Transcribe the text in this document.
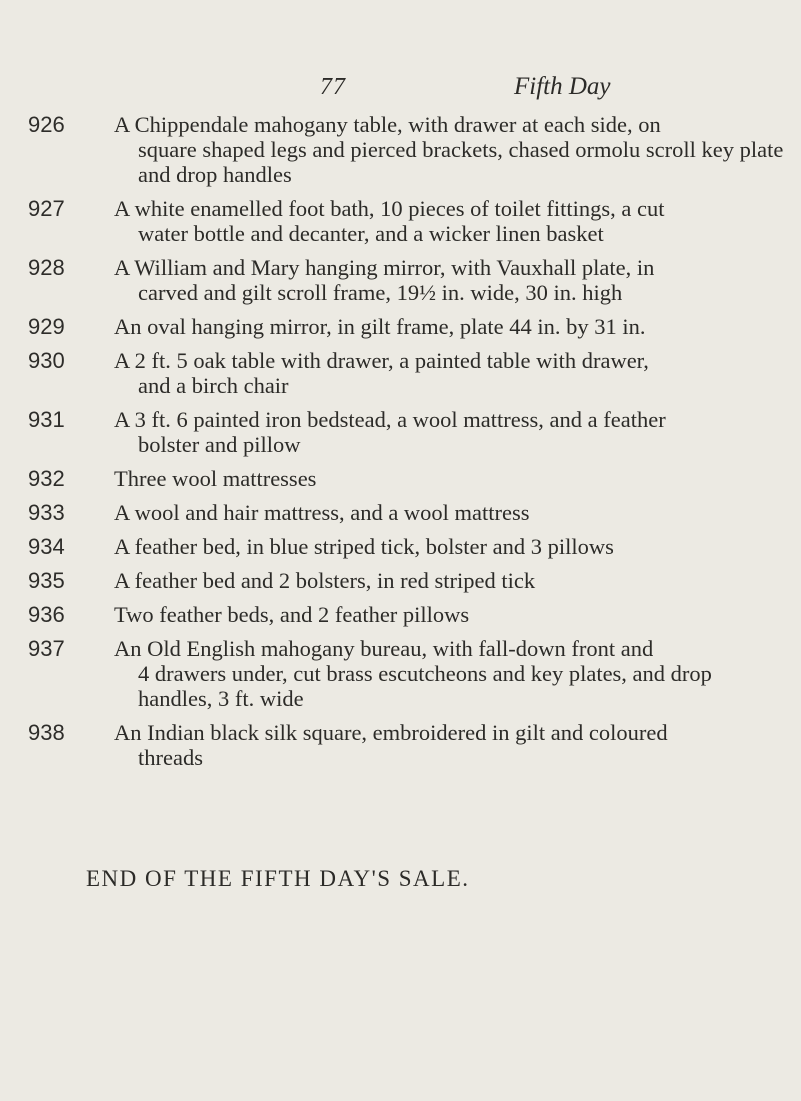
77	Fifth Day
926	A Chippendale mahogany table, with drawer at each side, on
square shaped legs and pierced brackets, chased ormolu scroll key plate and drop handles
927	A white enamelled foot bath, 10 pieces of toilet fittings, a cut
water bottle and decanter, and a wicker linen basket
928	A William and Mary hanging mirror, with Vauxhall plate, in
carved and gilt scroll frame, 19½ in. wide, 30 in. high
929	An oval hanging mirror, in gilt frame, plate 44 in. by 31 in.
930	A 2 ft. 5 oak table with drawer, a painted table with drawer,
and a birch chair
931	A 3 ft. 6 painted iron bedstead, a wool mattress, and a feather
bolster and pillow
932	Three wool mattresses
933	A wool and hair mattress, and a wool mattress
934	A feather bed, in blue striped tick, bolster and 3 pillows
935	A feather bed and 2 bolsters, in red striped tick
936	Two feather beds, and 2 feather pillows
937	An Old English mahogany bureau, with fall-down front and
4 drawers under, cut brass escutcheons and key plates, and drop handles, 3 ft. wide
938	An Indian black silk square, embroidered in gilt and coloured
threads
END OF THE FIFTH DAY'S SALE.
